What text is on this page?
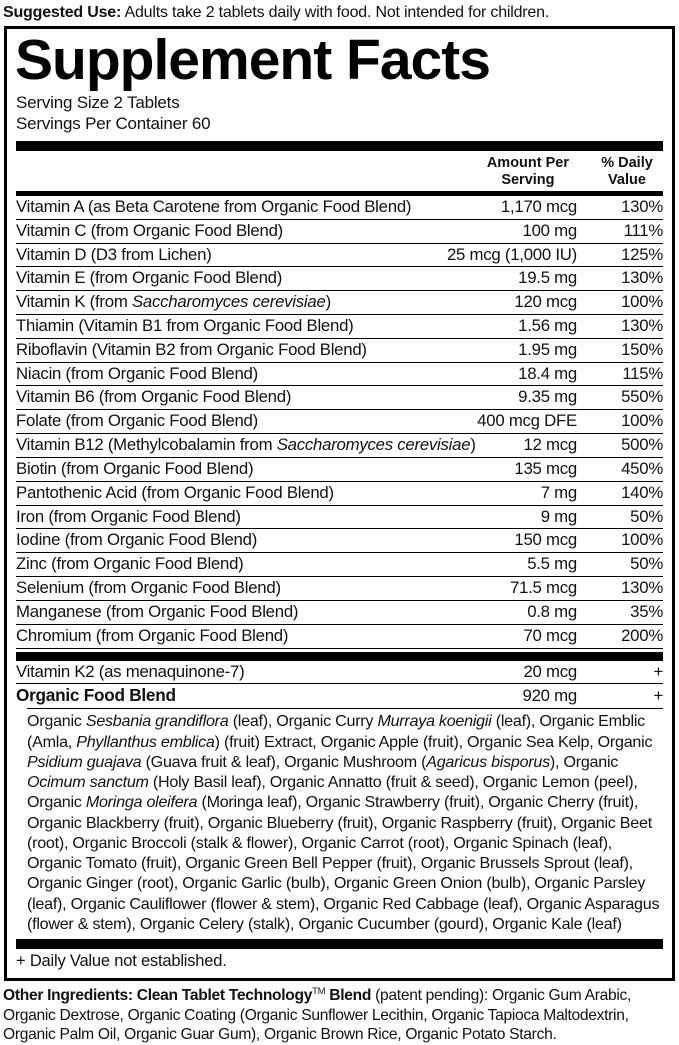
Suggested Use: Adults take 2 tablets daily with food. Not intended for children.

Supplement Facts

Serving Size 2 Tablets

Servings Per Container 60

Amount Per
Serving
% Daily
Value
Vitamin A (as Beta Carotene from Organic Food Blend)	1,170 mcg	130%
Vitamin C (from Organic Food Blend)	100 mg	111%
Vitamin D (D3 from Lichen)	25 mcg (1,000 IU)	125%
Vitamin E (from Organic Food Blend)	19.5 mg	130%
Vitamin K (from Saccharomyces cerevisiae)	120 mcg	100%
Thiamin (Vitamin B1 from Organic Food Blend)	1.56 mg	130%
Riboflavin (Vitamin B2 from Organic Food Blend)	1.95 mg	150%
Niacin (from Organic Food Blend)	18.4 mg	115%
Vitamin B6 (from Organic Food Blend)	9.35 mg	550%
Folate (from Organic Food Blend)	400 mcg DFE	100%
Vitamin B12 (Methylcobalamin from Saccharomyces cerevisiae)	12 mcg	500%
Biotin (from Organic Food Blend)	135 mcg	450%
Pantothenic Acid (from Organic Food Blend)	7 mg	140%
Iron (from Organic Food Blend)	9 mg	50%
Iodine (from Organic Food Blend)	150 mcg	100%
Zinc (from Organic Food Blend)	5.5 mg	50%
Selenium (from Organic Food Blend)	71.5 mcg	130%
Manganese (from Organic Food Blend)	0.8 mg	35%
Chromium (from Organic Food Blend)	70 mcg	200%
Vitamin K2 (as menaquinone-7)	20 mcg	+
Organic Food Blend	920 mg	+
Organic Sesbania grandiflora (leaf), Organic Curry Murraya koenigii (leaf), Organic Emblic (Amla, Phyllanthus emblica) (fruit) Extract, Organic Apple (fruit), Organic Sea Kelp, Organic Psidium guajava (Guava fruit & leaf), Organic Mushroom (Agaricus bisporus), Organic Ocimum sanctum (Holy Basil leaf), Organic Annatto (fruit & seed), Organic Lemon (peel), Organic Moringa oleifera (Moringa leaf), Organic Strawberry (fruit), Organic Cherry (fruit), Organic Blackberry (fruit), Organic Blueberry (fruit), Organic Raspberry (fruit), Organic Beet (root), Organic Broccoli (stalk & flower), Organic Carrot (root), Organic Spinach (leaf), Organic Tomato (fruit), Organic Green Bell Pepper (fruit), Organic Brussels Sprout (leaf), Organic Ginger (root), Organic Garlic (bulb), Organic Green Onion (bulb), Organic Parsley (leaf), Organic Cauliflower (flower & stem), Organic Red Cabbage (leaf), Organic Asparagus (flower & stem), Organic Celery (stalk), Organic Cucumber (gourd), Organic Kale (leaf)

+ Daily Value not established.

Other Ingredients: Clean Tablet Technology™ Blend (patent pending): Organic Gum Arabic, Organic Dextrose, Organic Coating (Organic Sunflower Lecithin, Organic Tapioca Maltodextrin, Organic Palm Oil, Organic Guar Gum), Organic Brown Rice, Organic Potato Starch.
